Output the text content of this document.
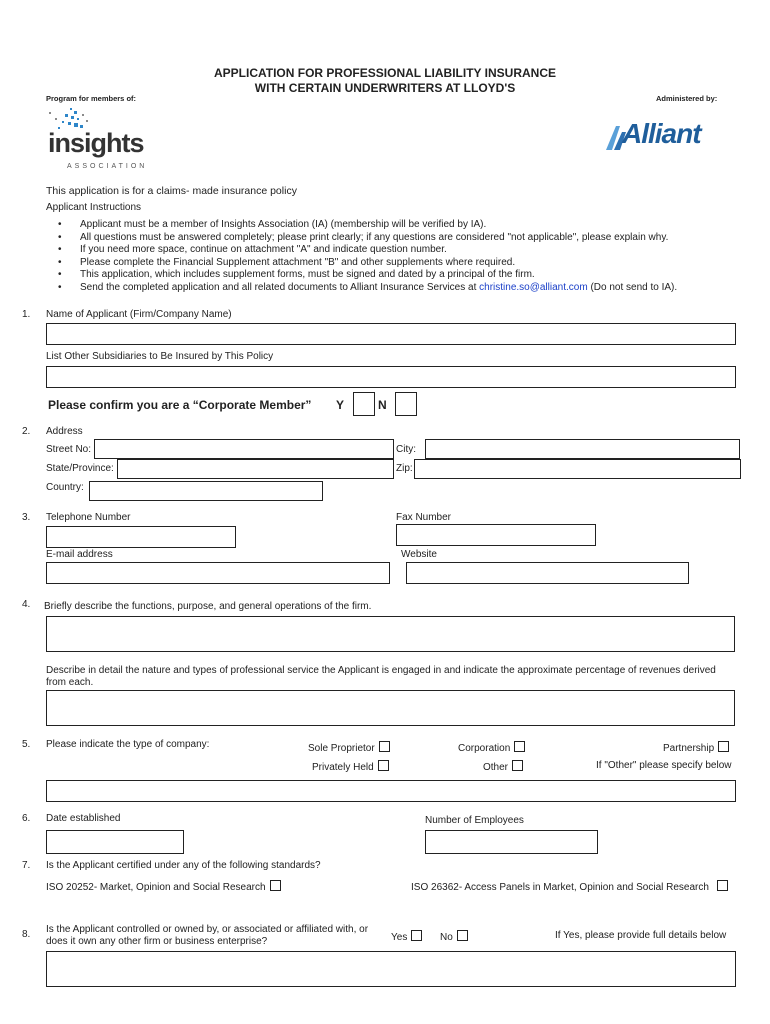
APPLICATION FOR PROFESSIONAL LIABILITY INSURANCE
WITH CERTAIN UNDERWRITERS AT LLOYD'S
Program for members of:	Administered by:
insights
ASSOCIATION
Alliant
This application is for a claims- made insurance policy
Applicant Instructions
• Applicant must be a member of Insights Association (IA) (membership will be verified by IA).
• All questions must be answered completely; please print clearly; if any questions are considered "not applicable", please explain why.
• If you need more space, continue on attachment "A" and indicate question number.
• Please complete the Financial Supplement attachment "B" and other supplements where required.
• This application, which includes supplement forms, must be signed and dated by a principal of the firm.
• Send the completed application and all related documents to Alliant Insurance Services at christine.so@alliant.com (Do not send to IA).
1. Name of Applicant (Firm/Company Name)
List Other Subsidiaries to Be Insured by This Policy
Please confirm you are a “Corporate Member” Y	N
2. Address
Street No:	City:
State/Province:	Zip:
Country:
3. Telephone Number	Fax Number
E-mail address	Website
4. Briefly describe the functions, purpose, and general operations of the firm.
Describe in detail the nature and types of professional service the Applicant is engaged in and indicate the approximate percentage of revenues derived
from each.
5. Please indicate the type of company:	Sole Proprietor	Corporation	Partnership
Privately Held	Other	If "Other" please specify below
6. Date established	Number of Employees
7. Is the Applicant certified under any of the following standards?
ISO 20252- Market, Opinion and Social Research	ISO 26362- Access Panels in Market, Opinion and Social Research
8. Is the Applicant controlled or owned by, or associated or affiliated with, or
does it own any other firm or business enterprise?	Yes	No	If Yes, please provide full details below
